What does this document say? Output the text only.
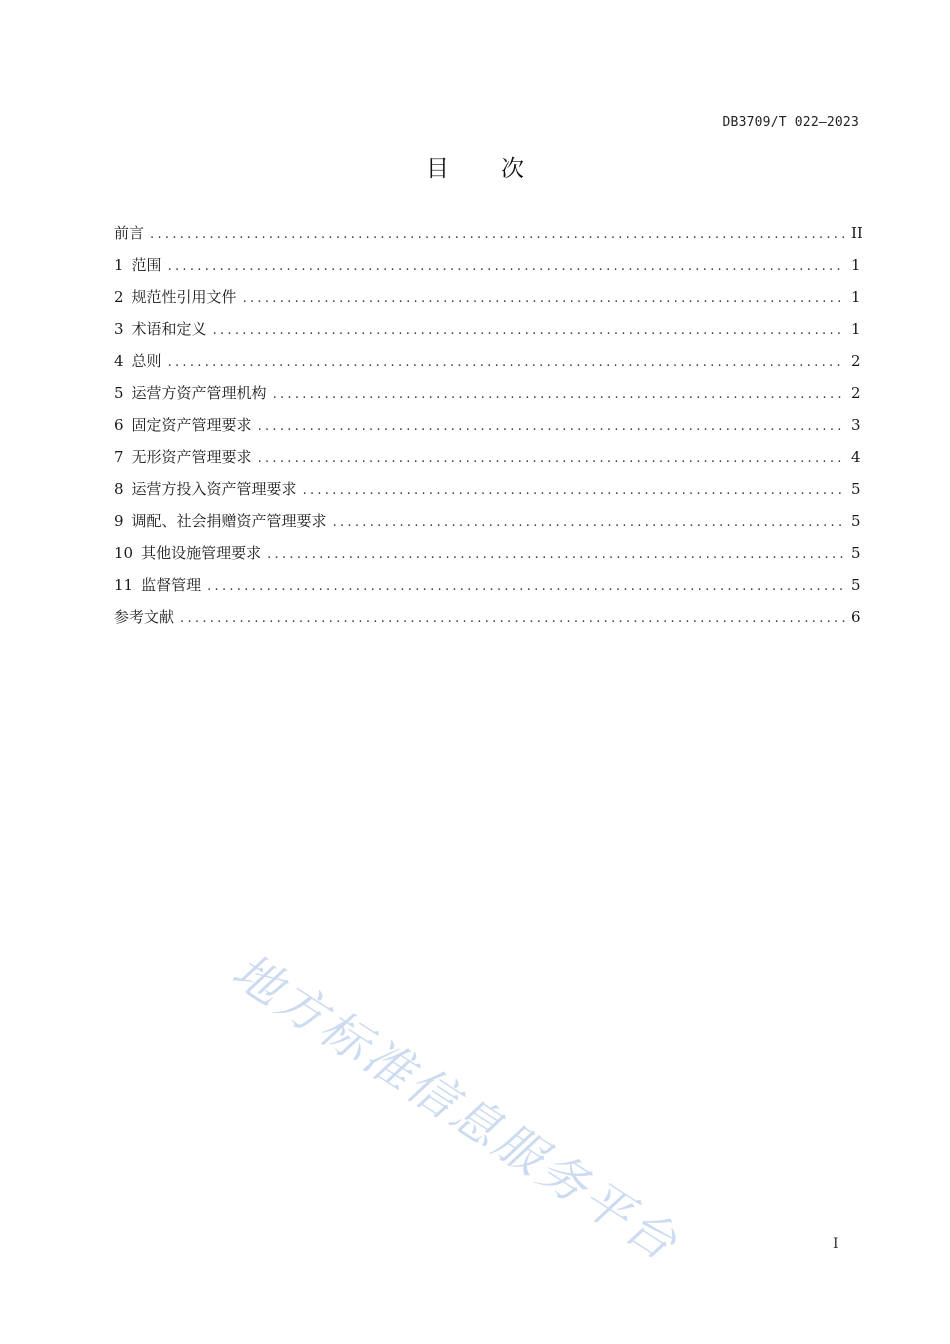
DB3709/T 022—2023
目 次
前言 .....	II
1 范围 .....	1
2 规范性引用文件 .....	1
3 术语和定义 .....	1
4 总则 .....	2
5 运营方资产管理机构 .....	2
6 固定资产管理要求 .....	3
7 无形资产管理要求 .....	4
8 运营方投入资产管理要求 .....	5
9 调配、社会捐赠资产管理要求 .....	5
10 其他设施管理要求 .....	5
11 监督管理 .....	5
参考文献 .....	6
I
地方标准信息服务平台
